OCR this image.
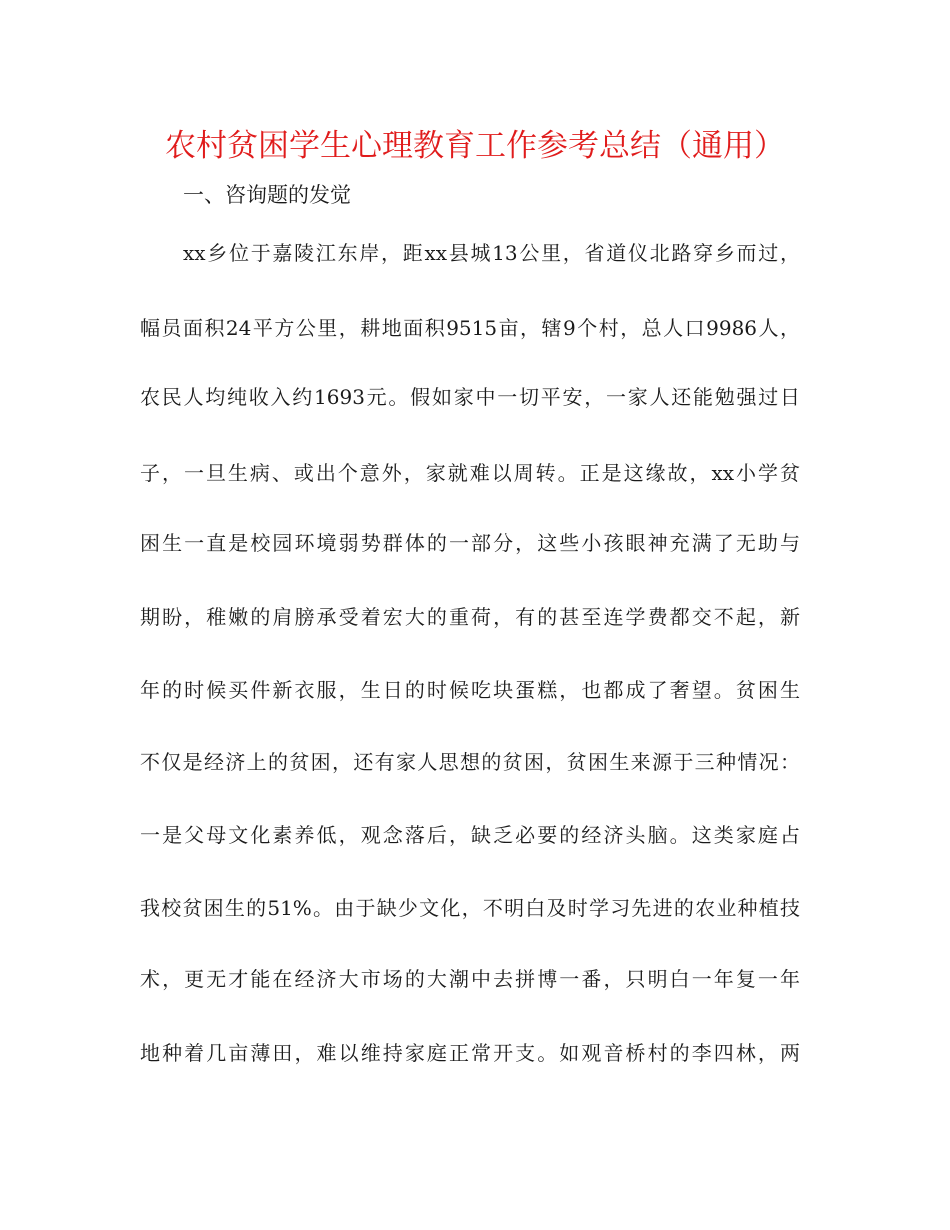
农村贫困学生心理教育工作参考总结（通用）
一、咨询题的发觉
xx乡位于嘉陵江东岸，距xx县城13公里，省道仪北路穿乡而过，
幅员面积24平方公里，耕地面积9515亩，辖9个村，总人口9986人，
农民人均纯收入约1693元。假如家中一切平安，一家人还能勉强过日
子，一旦生病、或出个意外，家就难以周转。正是这缘故，xx小学贫
困生一直是校园环境弱势群体的一部分，这些小孩眼神充满了无助与
期盼，稚嫩的肩膀承受着宏大的重荷，有的甚至连学费都交不起，新
年的时候买件新衣服，生日的时候吃块蛋糕，也都成了奢望。贫困生
不仅是经济上的贫困，还有家人思想的贫困，贫困生来源于三种情况：
一是父母文化素养低，观念落后，缺乏必要的经济头脑。这类家庭占
我校贫困生的51%。由于缺少文化，不明白及时学习先进的农业种植技
术，更无才能在经济大市场的大潮中去拼博一番，只明白一年复一年
地种着几亩薄田，难以维持家庭正常开支。如观音桥村的李四林，两
